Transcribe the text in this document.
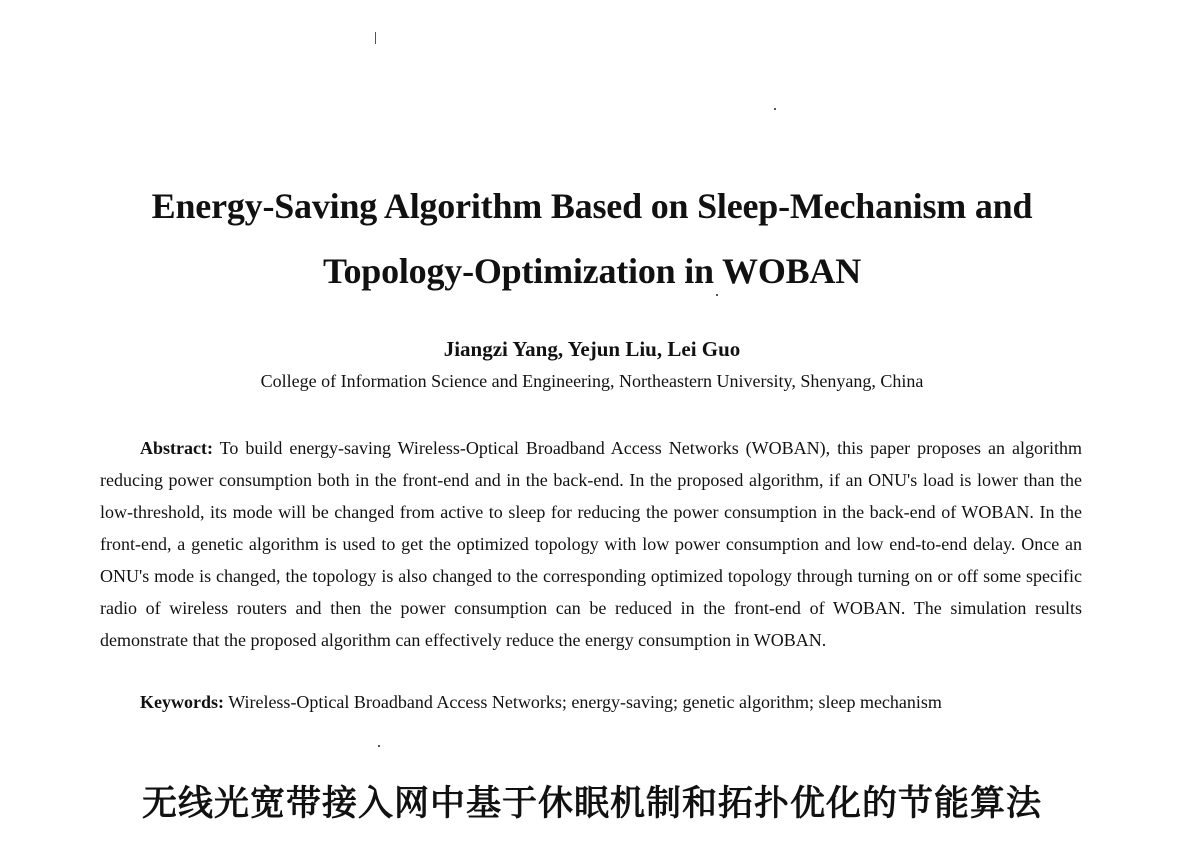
Energy-Saving Algorithm Based on Sleep-Mechanism and
Topology-Optimization in WOBAN
Jiangzi Yang, Yejun Liu, Lei Guo
College of Information Science and Engineering, Northeastern University, Shenyang, China

Abstract: To build energy-saving Wireless-Optical Broadband Access Networks (WOBAN), this paper proposes an algorithm reducing power consumption both in the front-end and in the back-end. In the proposed algorithm, if an ONU's load is lower than the low-threshold, its mode will be changed from active to sleep for reducing the power consumption in the back-end of WOBAN. In the front-end, a genetic algorithm is used to get the optimized topology with low power consumption and low end-to-end delay. Once an ONU's mode is changed, the topology is also changed to the corresponding optimized topology through turning on or off some specific radio of wireless routers and then the power consumption can be reduced in the front-end of WOBAN. The simulation results demonstrate that the proposed algorithm can effectively reduce the energy consumption in WOBAN.

Keywords: Wireless-Optical Broadband Access Networks; energy-saving; genetic algorithm; sleep mechanism
无线光宽带接入网中基于休眠机制和拓扑优化的节能算法
